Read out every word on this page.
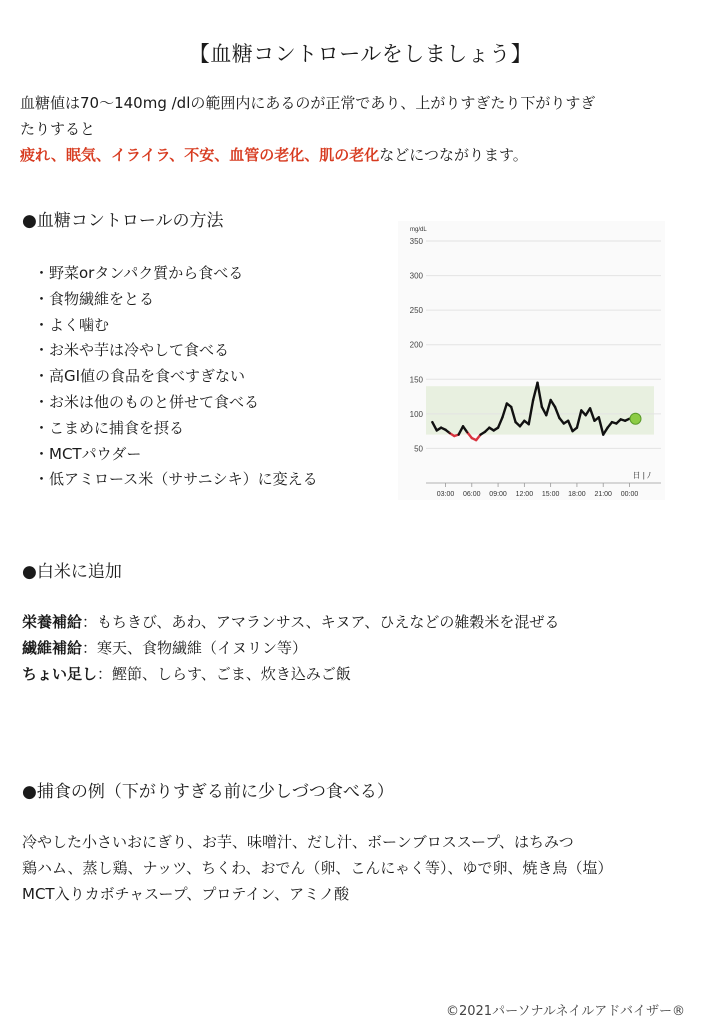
【血糖コントロールをしましょう】
血糖値は70〜140mg /dlの範囲内にあるのが正常であり、上がりすぎたり下がりすぎ
たりすると
疲れ、眠気、イライラ、不安、血管の老化、肌の老化などにつながります。
●血糖コントロールの方法
・野菜orタンパク質から食べる
・食物繊維をとる
・よく噛む
・お米や芋は冷やして食べる
・高GI値の食品を食べすぎない
・お米は他のものと併せて食べる
・こまめに捕食を摂る
・MCTパウダー
・低アミロース米（ササニシキ）に変える
50
100
150
200
250
300
350
mg/dL
03:00 06:00 09:00 12:00 15:00 18:00 21:00 00:00
日 | ﾉ
●白米に追加
栄養補給：もちきび、あわ、アマランサス、キヌア、ひえなどの雑穀米を混ぜる
繊維補給：寒天、食物繊維（イヌリン等）
ちょい足し：鰹節、しらす、ごま、炊き込みご飯
●捕食の例（下がりすぎる前に少しづつ食べる）
冷やした小さいおにぎり、お芋、味噌汁、だし汁、ボーンブロススープ、はちみつ
鶏ハム、蒸し鶏、ナッツ、ちくわ、おでん（卵、こんにゃく等）、ゆで卵、焼き鳥（塩）
MCT入りカボチャスープ、プロテイン、アミノ酸
©2021パーソナルネイルアドバイザー®
